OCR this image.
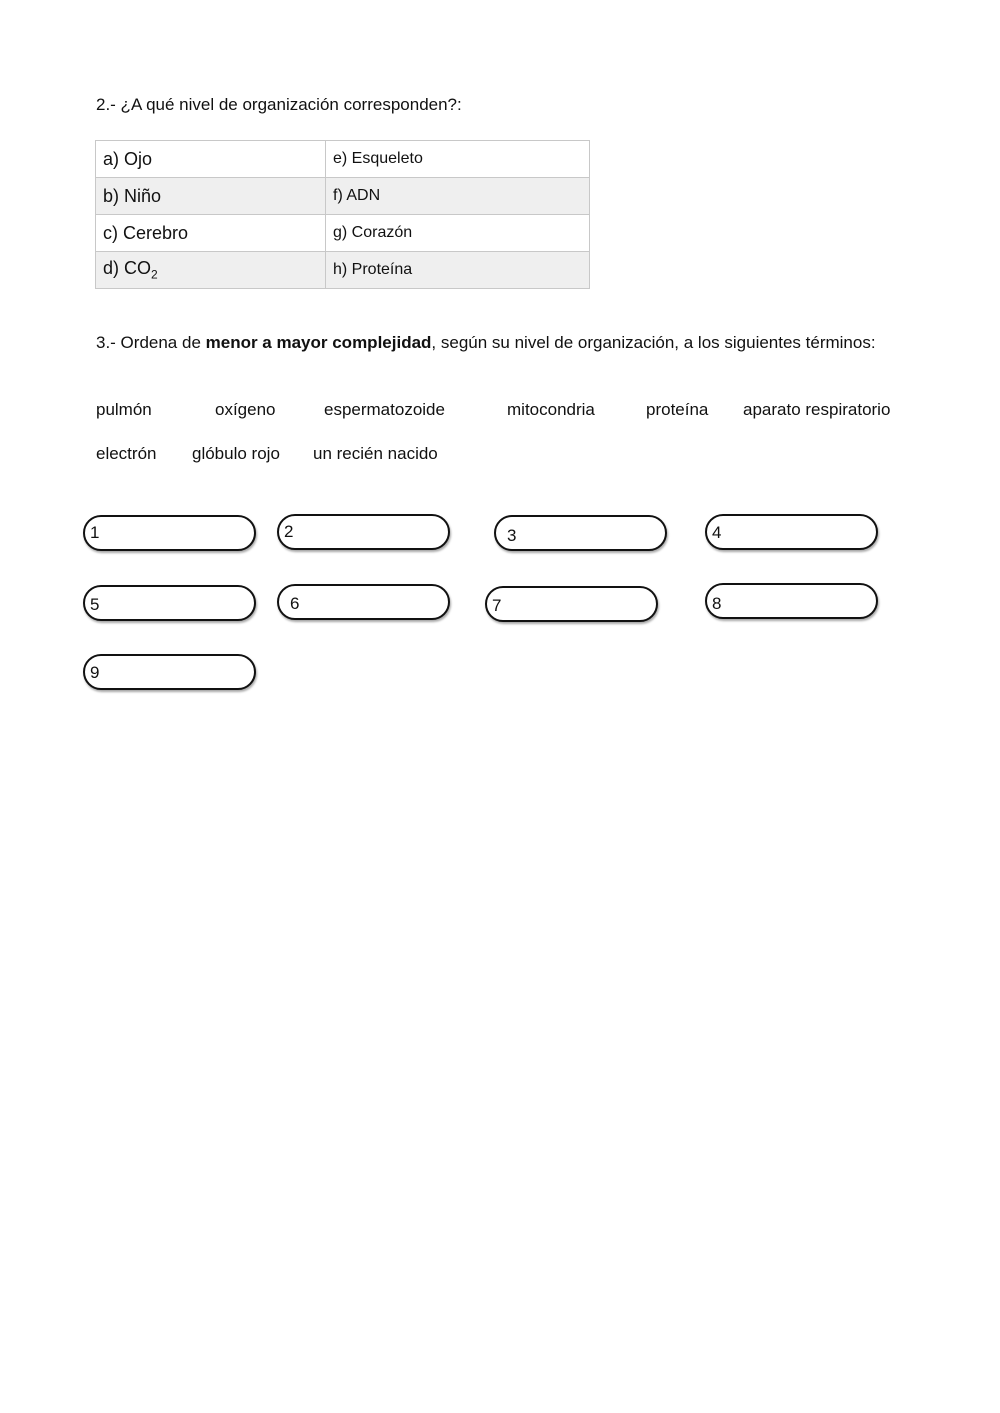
2.- ¿A qué nivel de organización corresponden?:
a) Ojo	e) Esqueleto
b) Niño	f) ADN
c) Cerebro	g) Corazón
d) $CO_2$	h) Proteína
3.- Ordena de menor a mayor complejidad, según su nivel de organización, a los siguientes términos:
pulmón	oxígeno	espermatozoide	mitocondria	proteína aparato respiratorio
electrón glóbulo rojo un recién nacido
1	2	3	4
5	6	7	8
9
